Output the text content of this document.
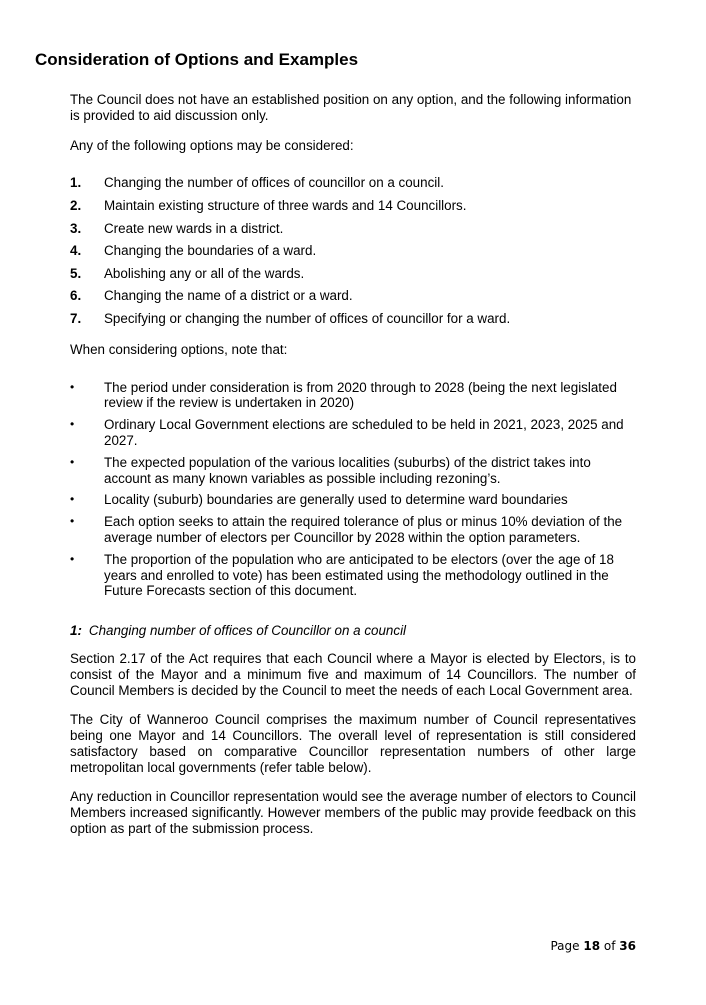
Consideration of Options and Examples

The Council does not have an established position on any option, and the following information is provided to aid discussion only.

Any of the following options may be considered:

1.	Changing the number of offices of councillor on a council.
2.	Maintain existing structure of three wards and 14 Councillors.
3.	Create new wards in a district.
4.	Changing the boundaries of a ward.
5.	Abolishing any or all of the wards.
6.	Changing the name of a district or a ward.
7.	Specifying or changing the number of offices of councillor for a ward.

When considering options, note that:

•	The period under consideration is from 2020 through to 2028 (being the next legislated review if the review is undertaken in 2020)
•	Ordinary Local Government elections are scheduled to be held in 2021, 2023, 2025 and 2027.
•	The expected population of the various localities (suburbs) of the district takes into account as many known variables as possible including rezoning’s.
•	Locality (suburb) boundaries are generally used to determine ward boundaries
•	Each option seeks to attain the required tolerance of plus or minus 10% deviation of the average number of electors per Councillor by 2028 within the option parameters.
•	The proportion of the population who are anticipated to be electors (over the age of 18 years and enrolled to vote) has been estimated using the methodology outlined in the Future Forecasts section of this document.

1: Changing number of offices of Councillor on a council

Section 2.17 of the Act requires that each Council where a Mayor is elected by Electors, is to consist of the Mayor and a minimum five and maximum of 14 Councillors. The number of Council Members is decided by the Council to meet the needs of each Local Government area.

The City of Wanneroo Council comprises the maximum number of Council representatives being one Mayor and 14 Councillors. The overall level of representation is still considered satisfactory based on comparative Councillor representation numbers of other large metropolitan local governments (refer table below).

Any reduction in Councillor representation would see the average number of electors to Council Members increased significantly. However members of the public may provide feedback on this option as part of the submission process.

Page 18 of 36
